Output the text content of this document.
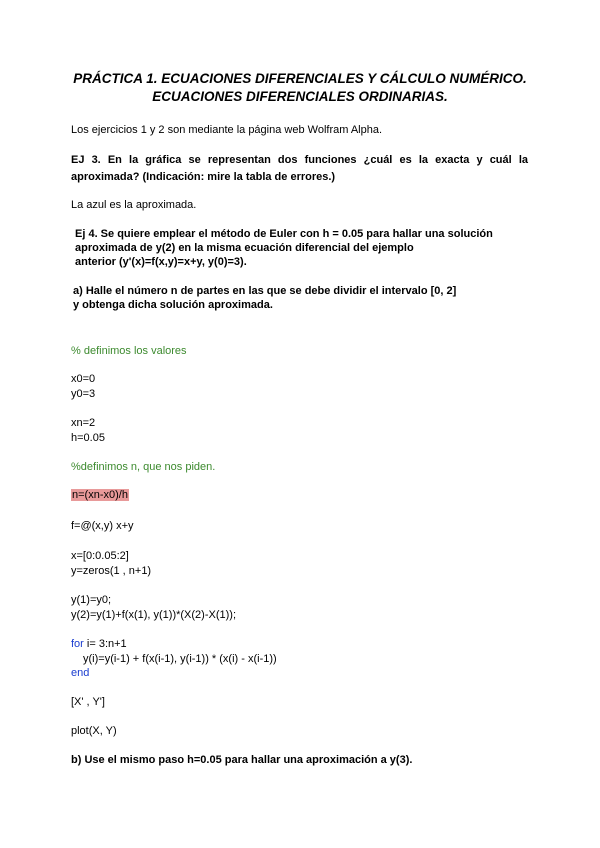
PRÁCTICA 1. ECUACIONES DIFERENCIALES Y CÁLCULO NUMÉRICO.
ECUACIONES DIFERENCIALES ORDINARIAS.
Los ejercicios 1 y 2 son mediante la página web Wolfram Alpha.
EJ 3. En la gráfica se representan dos funciones ¿cuál es la exacta y cuál la aproximada? (Indicación: mire la tabla de errores.)
La azul es la aproximada.
Ej 4. Se quiere emplear el método de Euler con h = 0.05 para hallar una solución
aproximada de y(2) en la misma ecuación diferencial del ejemplo
anterior (y'(x)=f(x,y)=x+y, y(0)=3).
a) Halle el número n de partes en las que se debe dividir el intervalo [0, 2]
y obtenga dicha solución aproximada.
% definimos los valores
x0=0
y0=3
xn=2
h=0.05
%definimos n, que nos piden.
n=(xn-x0)/h
f=@(x,y) x+y
x=[0:0.05:2]
y=zeros(1 , n+1)
y(1)=y0;
y(2)=y(1)+f(x(1), y(1))*(X(2)-X(1));
for i= 3:n+1
y(i)=y(i-1) + f(x(i-1), y(i-1)) * (x(i) - x(i-1))
end
[X' , Y']
plot(X, Y)
b) Use el mismo paso h=0.05 para hallar una aproximación a y(3).
